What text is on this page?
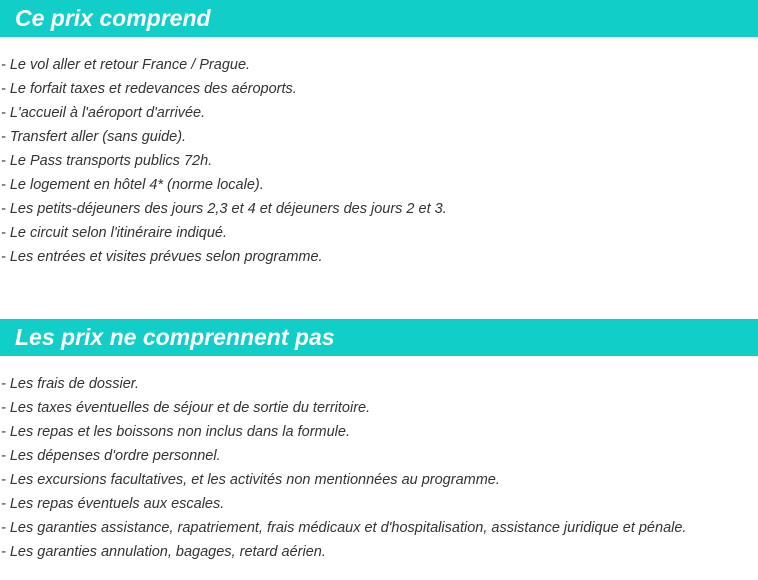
Ce prix comprend
- Le vol aller et retour France / Prague.
- Le forfait taxes et redevances des aéroports.
- L'accueil à l'aéroport d'arrivée.
- Transfert aller (sans guide).
- Le Pass transports publics 72h.
- Le logement en hôtel 4* (norme locale).
- Les petits-déjeuners des jours 2,3 et 4 et déjeuners des jours 2 et 3.
- Le circuit selon l'itinéraire indiqué.
- Les entrées et visites prévues selon programme.
Les prix ne comprennent pas
- Les frais de dossier.
- Les taxes éventuelles de séjour et de sortie du territoire.
- Les repas et les boissons non inclus dans la formule.
- Les dépenses d'ordre personnel.
- Les excursions facultatives, et les activités non mentionnées au programme.
- Les repas éventuels aux escales.
- Les garanties assistance, rapatriement, frais médicaux et d'hospitalisation, assistance juridique et pénale.
- Les garanties annulation, bagages, retard aérien.
